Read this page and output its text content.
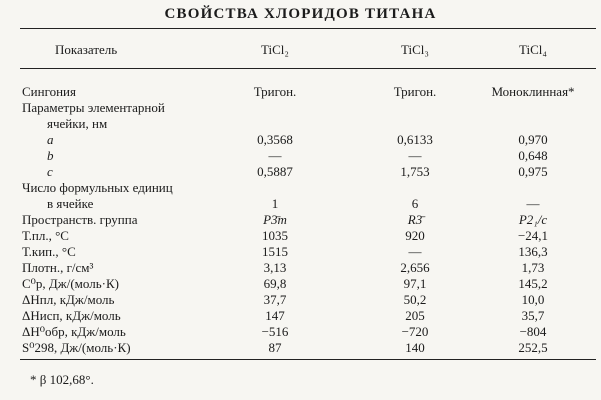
СВОЙСТВА ХЛОРИДОВ ТИТАНА
Показатель	TiCl₂	TiCl₃	TiCl₄
Сингония	Тригон.	Тригон.	Моноклинная*
Параметры элементарной
ячейки, нм
a	0,3568	0,6133	0,970
b	—	—	0,648
c	0,5887	1,753	0,975
Число формульных единиц
в ячейке	1	6	—
Пространств. группа	P3̄m	R3̄	P2₁/c
Т.пл., °С	1035	920	−24,1
Т.кип., °С	1515	—	136,3
Плотн., г/см³	3,13	2,656	1,73
C⁰p, Дж/(моль·К)	69,8	97,1	145,2
ΔHпл, кДж/моль	37,7	50,2	10,0
ΔHисп, кДж/моль	147	205	35,7
ΔH⁰обр, кДж/моль	−516	−720	−804
S⁰298, Дж/(моль·К)	87	140	252,5
* β 102,68°.
